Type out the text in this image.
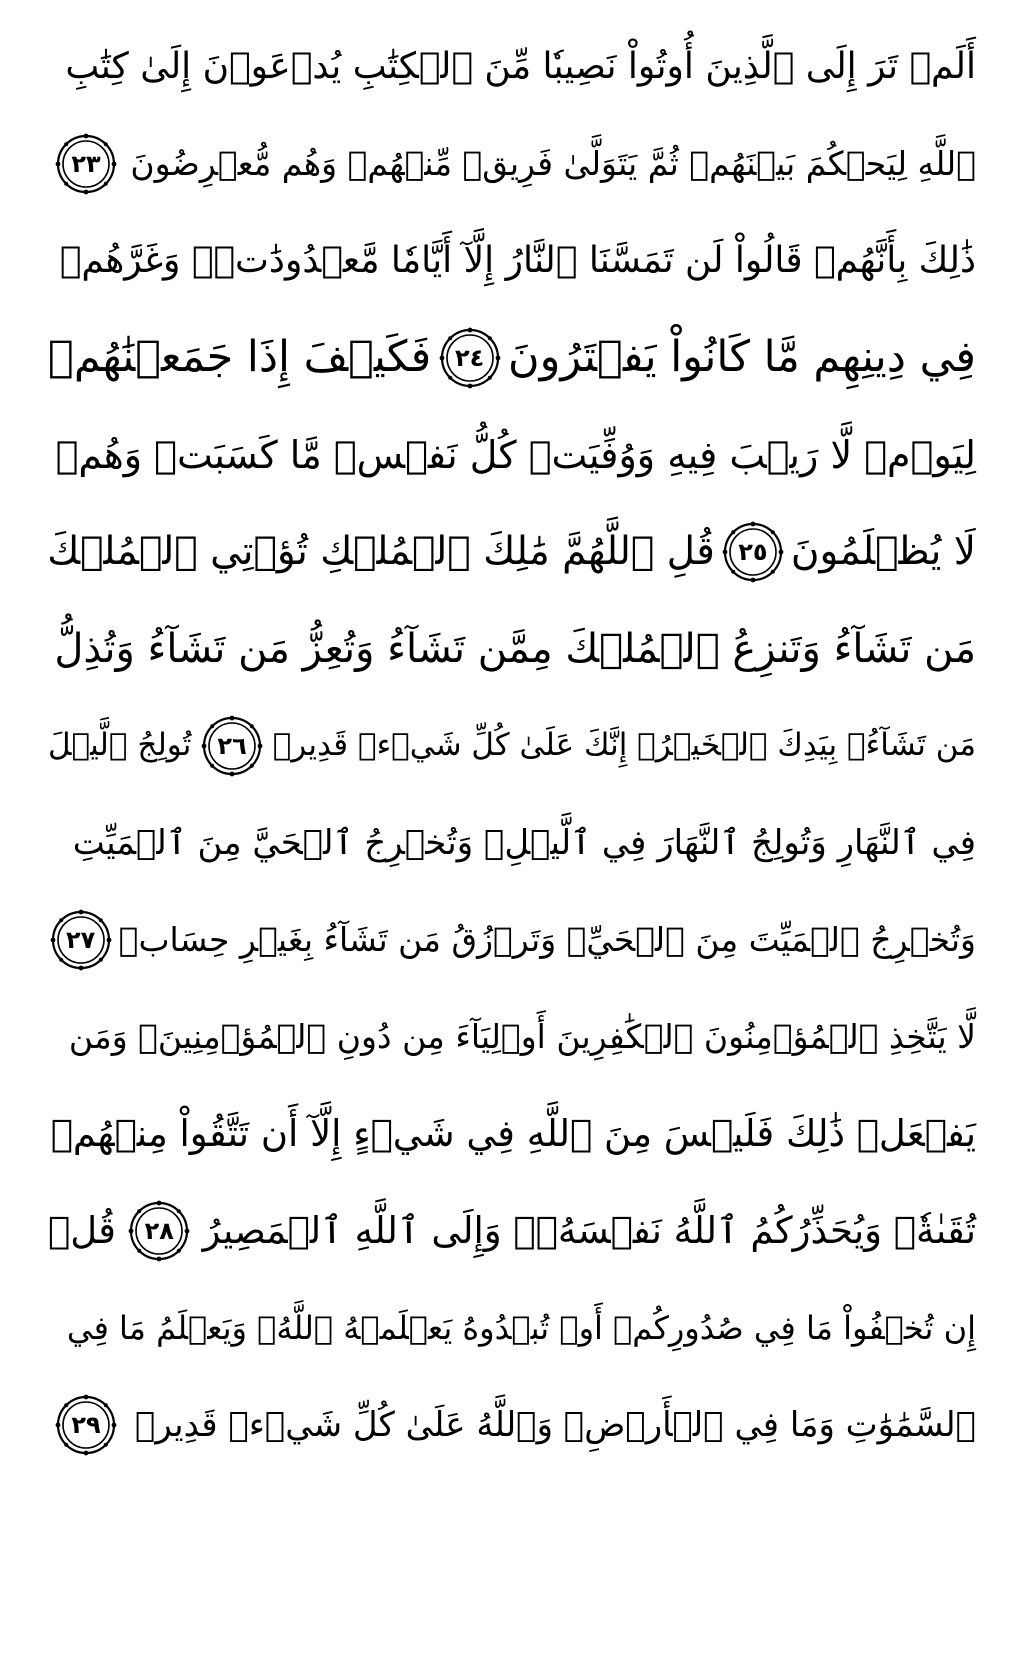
أَلَمۡ تَرَ إِلَى ٱلَّذِينَ أُوتُواْ نَصِيبٗا مِّنَ ٱلۡكِتَٰبِ يُدۡعَوۡنَ إِلَىٰ كِتَٰبِ
ٱللَّهِ لِيَحۡكُمَ بَيۡنَهُمۡ ثُمَّ يَتَوَلَّىٰ فَرِيقٞ مِّنۡهُمۡ وَهُم مُّعۡرِضُونَ
٢٣
ذَٰلِكَ بِأَنَّهُمۡ قَالُواْ لَن تَمَسَّنَا ٱلنَّارُ إِلَّآ أَيَّامٗا مَّعۡدُودَٰتٖۖ وَغَرَّهُمۡ
فِي دِينِهِم مَّا كَانُواْ يَفۡتَرُونَ
٢٤
فَكَيۡفَ إِذَا جَمَعۡنَٰهُمۡ
لِيَوۡمٖ لَّا رَيۡبَ فِيهِ وَوُفِّيَتۡ كُلُّ نَفۡسٖ مَّا كَسَبَتۡ وَهُمۡ
لَا يُظۡلَمُونَ
٢٥
قُلِ ٱللَّهُمَّ مَٰلِكَ ٱلۡمُلۡكِ تُؤۡتِي ٱلۡمُلۡكَ
مَن تَشَآءُ وَتَنزِعُ ٱلۡمُلۡكَ مِمَّن تَشَآءُ وَتُعِزُّ مَن تَشَآءُ وَتُذِلُّ
مَن تَشَآءُۖ بِيَدِكَ ٱلۡخَيۡرُۖ إِنَّكَ عَلَىٰ كُلِّ شَيۡءٖ قَدِيرٞ
٢٦
تُولِجُ ٱلَّيۡلَ
فِي ٱلنَّهَارِ وَتُولِجُ ٱلنَّهَارَ فِي ٱلَّيۡلِۖ وَتُخۡرِجُ ٱلۡحَيَّ مِنَ ٱلۡمَيِّتِ
وَتُخۡرِجُ ٱلۡمَيِّتَ مِنَ ٱلۡحَيِّۖ وَتَرۡزُقُ مَن تَشَآءُ بِغَيۡرِ حِسَابٖ
٢٧
لَّا يَتَّخِذِ ٱلۡمُؤۡمِنُونَ ٱلۡكَٰفِرِينَ أَوۡلِيَآءَ مِن دُونِ ٱلۡمُؤۡمِنِينَۖ وَمَن
يَفۡعَلۡ ذَٰلِكَ فَلَيۡسَ مِنَ ٱللَّهِ فِي شَيۡءٍ إِلَّآ أَن تَتَّقُواْ مِنۡهُمۡ
تُقَىٰةٗۗ وَيُحَذِّرُكُمُ ٱللَّهُ نَفۡسَهُۥۗ وَإِلَى ٱللَّهِ ٱلۡمَصِيرُ
٢٨
قُلۡ
إِن تُخۡفُواْ مَا فِي صُدُورِكُمۡ أَوۡ تُبۡدُوهُ يَعۡلَمۡهُ ٱللَّهُۗ وَيَعۡلَمُ مَا فِي
ٱلسَّمَٰوَٰتِ وَمَا فِي ٱلۡأَرۡضِۗ وَٱللَّهُ عَلَىٰ كُلِّ شَيۡءٖ قَدِيرٞ
٢٩
